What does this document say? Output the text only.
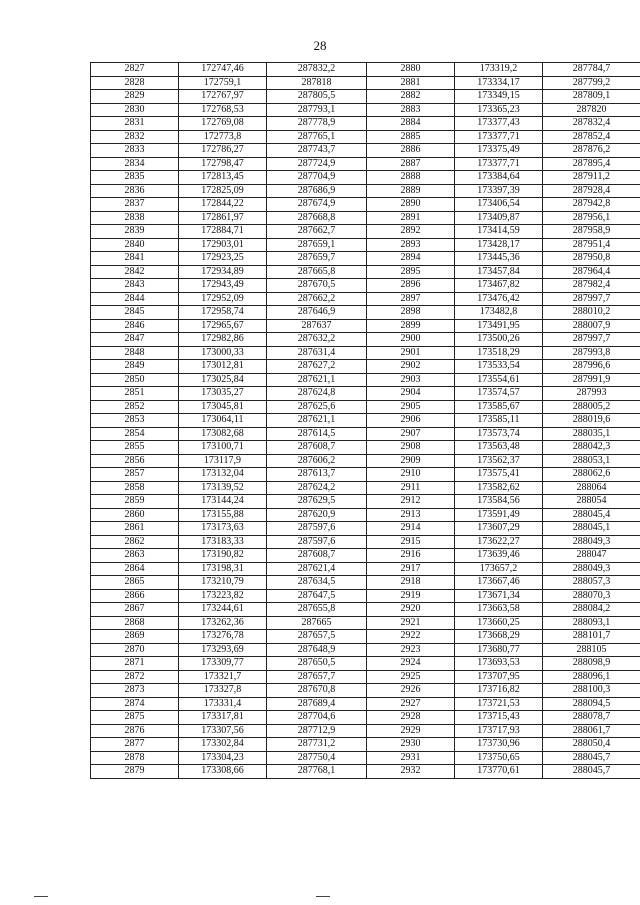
28
2827	172747,46	287832,2	2880	173319,2	287784,7
2828	172759,1	287818	2881	173334,17	287799,2
2829	172767,97	287805,5	2882	173349,15	287809,1
2830	172768,53	287793,1	2883	173365,23	287820
2831	172769,08	287778,9	2884	173377,43	287832,4
2832	172773,8	287765,1	2885	173377,71	287852,4
2833	172786,27	287743,7	2886	173375,49	287876,2
2834	172798,47	287724,9	2887	173377,71	287895,4
2835	172813,45	287704,9	2888	173384,64	287911,2
2836	172825,09	287686,9	2889	173397,39	287928,4
2837	172844,22	287674,9	2890	173406,54	287942,8
2838	172861,97	287668,8	2891	173409,87	287956,1
2839	172884,71	287662,7	2892	173414,59	287958,9
2840	172903,01	287659,1	2893	173428,17	287951,4
2841	172923,25	287659,7	2894	173445,36	287950,8
2842	172934,89	287665,8	2895	173457,84	287964,4
2843	172943,49	287670,5	2896	173467,82	287982,4
2844	172952,09	287662,2	2897	173476,42	287997,7
2845	172958,74	287646,9	2898	173482,8	288010,2
2846	172965,67	287637	2899	173491,95	288007,9
2847	172982,86	287632,2	2900	173500,26	287997,7
2848	173000,33	287631,4	2901	173518,29	287993,8
2849	173012,81	287627,2	2902	173533,54	287996,6
2850	173025,84	287621,1	2903	173554,61	287991,9
2851	173035,27	287624,8	2904	173574,57	287993
2852	173045,81	287625,6	2905	173585,67	288005,2
2853	173064,11	287621,1	2906	173585,11	288019,6
2854	173082,68	287614,5	2907	173573,74	288035,1
2855	173100,71	287608,7	2908	173563,48	288042,3
2856	173117,9	287606,2	2909	173562,37	288053,1
2857	173132,04	287613,7	2910	173575,41	288062,6
2858	173139,52	287624,2	2911	173582,62	288064
2859	173144,24	287629,5	2912	173584,56	288054
2860	173155,88	287620,9	2913	173591,49	288045,4
2861	173173,63	287597,6	2914	173607,29	288045,1
2862	173183,33	287597,6	2915	173622,27	288049,3
2863	173190,82	287608,7	2916	173639,46	288047
2864	173198,31	287621,4	2917	173657,2	288049,3
2865	173210,79	287634,5	2918	173667,46	288057,3
2866	173223,82	287647,5	2919	173671,34	288070,3
2867	173244,61	287655,8	2920	173663,58	288084,2
2868	173262,36	287665	2921	173660,25	288093,1
2869	173276,78	287657,5	2922	173668,29	288101,7
2870	173293,69	287648,9	2923	173680,77	288105
2871	173309,77	287650,5	2924	173693,53	288098,9
2872	173321,7	287657,7	2925	173707,95	288096,1
2873	173327,8	287670,8	2926	173716,82	288100,3
2874	173331,4	287689,4	2927	173721,53	288094,5
2875	173317,81	287704,6	2928	173715,43	288078,7
2876	173307,56	287712,9	2929	173717,93	288061,7
2877	173302,84	287731,2	2930	173730,96	288050,4
2878	173304,23	287750,4	2931	173750,65	288045,7
2879	173308,66	287768,1	2932	173770,61	288045,7
